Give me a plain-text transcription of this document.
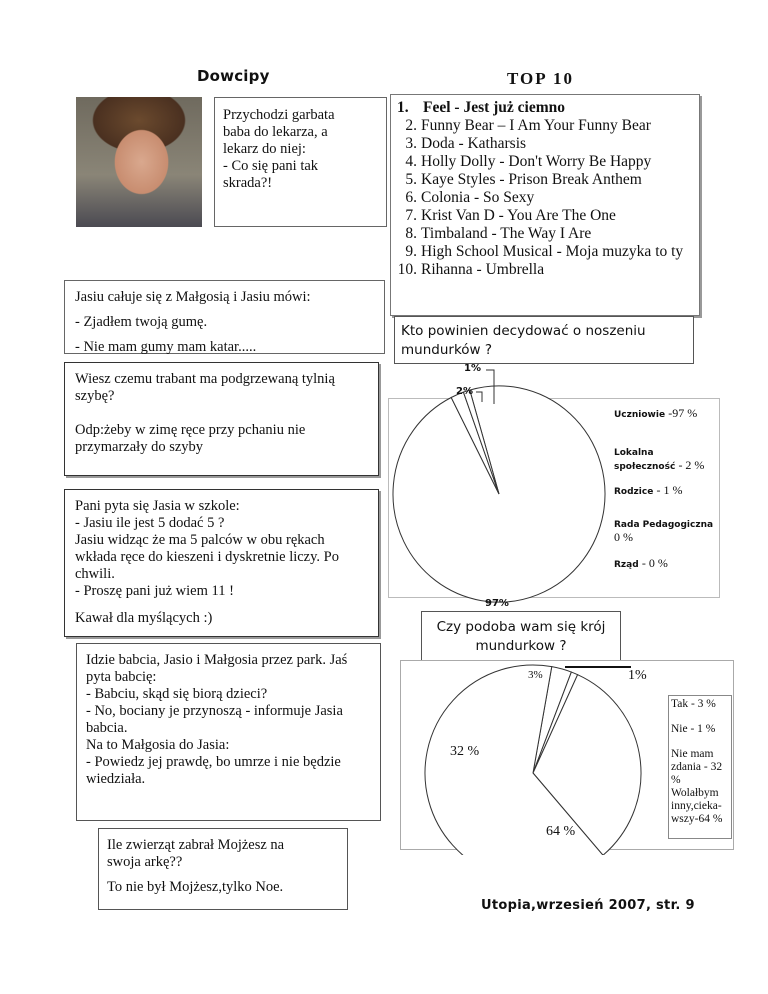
Dowcipy

Przychodzi garbata

baba do lekarza, a

lekarz do niej:

- Co się pani tak

skrada?!

Jasiu całuje się z Małgosią i Jasiu mówi:

- Zjadłem twoją gumę.

- Nie mam gumy mam katar.....

Wiesz czemu trabant ma podgrzewaną tylnią

szybę?

Odp:żeby w zimę ręce przy pchaniu nie

przymarzały do szyby

Pani pyta się Jasia w szkole:

- Jasiu ile jest 5 dodać 5 ?

Jasiu widząc że ma 5 palców w obu rękach

wkłada ręce do kieszeni i dyskretnie liczy. Po

chwili.

- Proszę pani już wiem 11 !

Kawał dla myślących :)

Idzie babcia, Jasio i Małgosia przez park. Jaś

pyta babcię:

- Babciu, skąd się biorą dzieci?

- No, bociany je przynoszą - informuje Jasia

babcia.

Na to Małgosia do Jasia:

- Powiedz jej prawdę, bo umrze i nie będzie

wiedziała.

Ile zwierząt zabrał Mojżesz na

swoja arkę??

To nie był Mojżesz,tylko Noe.

TOP 10
1. Feel - Jest już ciemno
2. Funny Bear – I Am Your Funny Bear
3. Doda - Katharsis
4. Holly Dolly - Don't Worry Be Happy
5. Kaye Styles - Prison Break Anthem
6. Colonia - So Sexy
7. Krist Van D - You Are The One
8. Timbaland - The Way I Are
9. High School Musical - Moja muzyka to ty
10. Rihanna - Umbrella
Kto powinien decydować o noszeniu mundurków ?
97%
2%
1%
Uczniowie -97 %
Lokalna społeczność - 2 %
Rodzice - 1 %
Rada Pedagogiczna 0 %
Rząd - 0 %
Czy podoba wam się krój mundurkow ?
3%	1%
32 %
64 %

Tak - 3 %

Nie - 1 %

Nie mam zdania - 32 %

Wolałbym inny,cieka-wszy-64 %

Utopia,wrzesień 2007, str. 9
